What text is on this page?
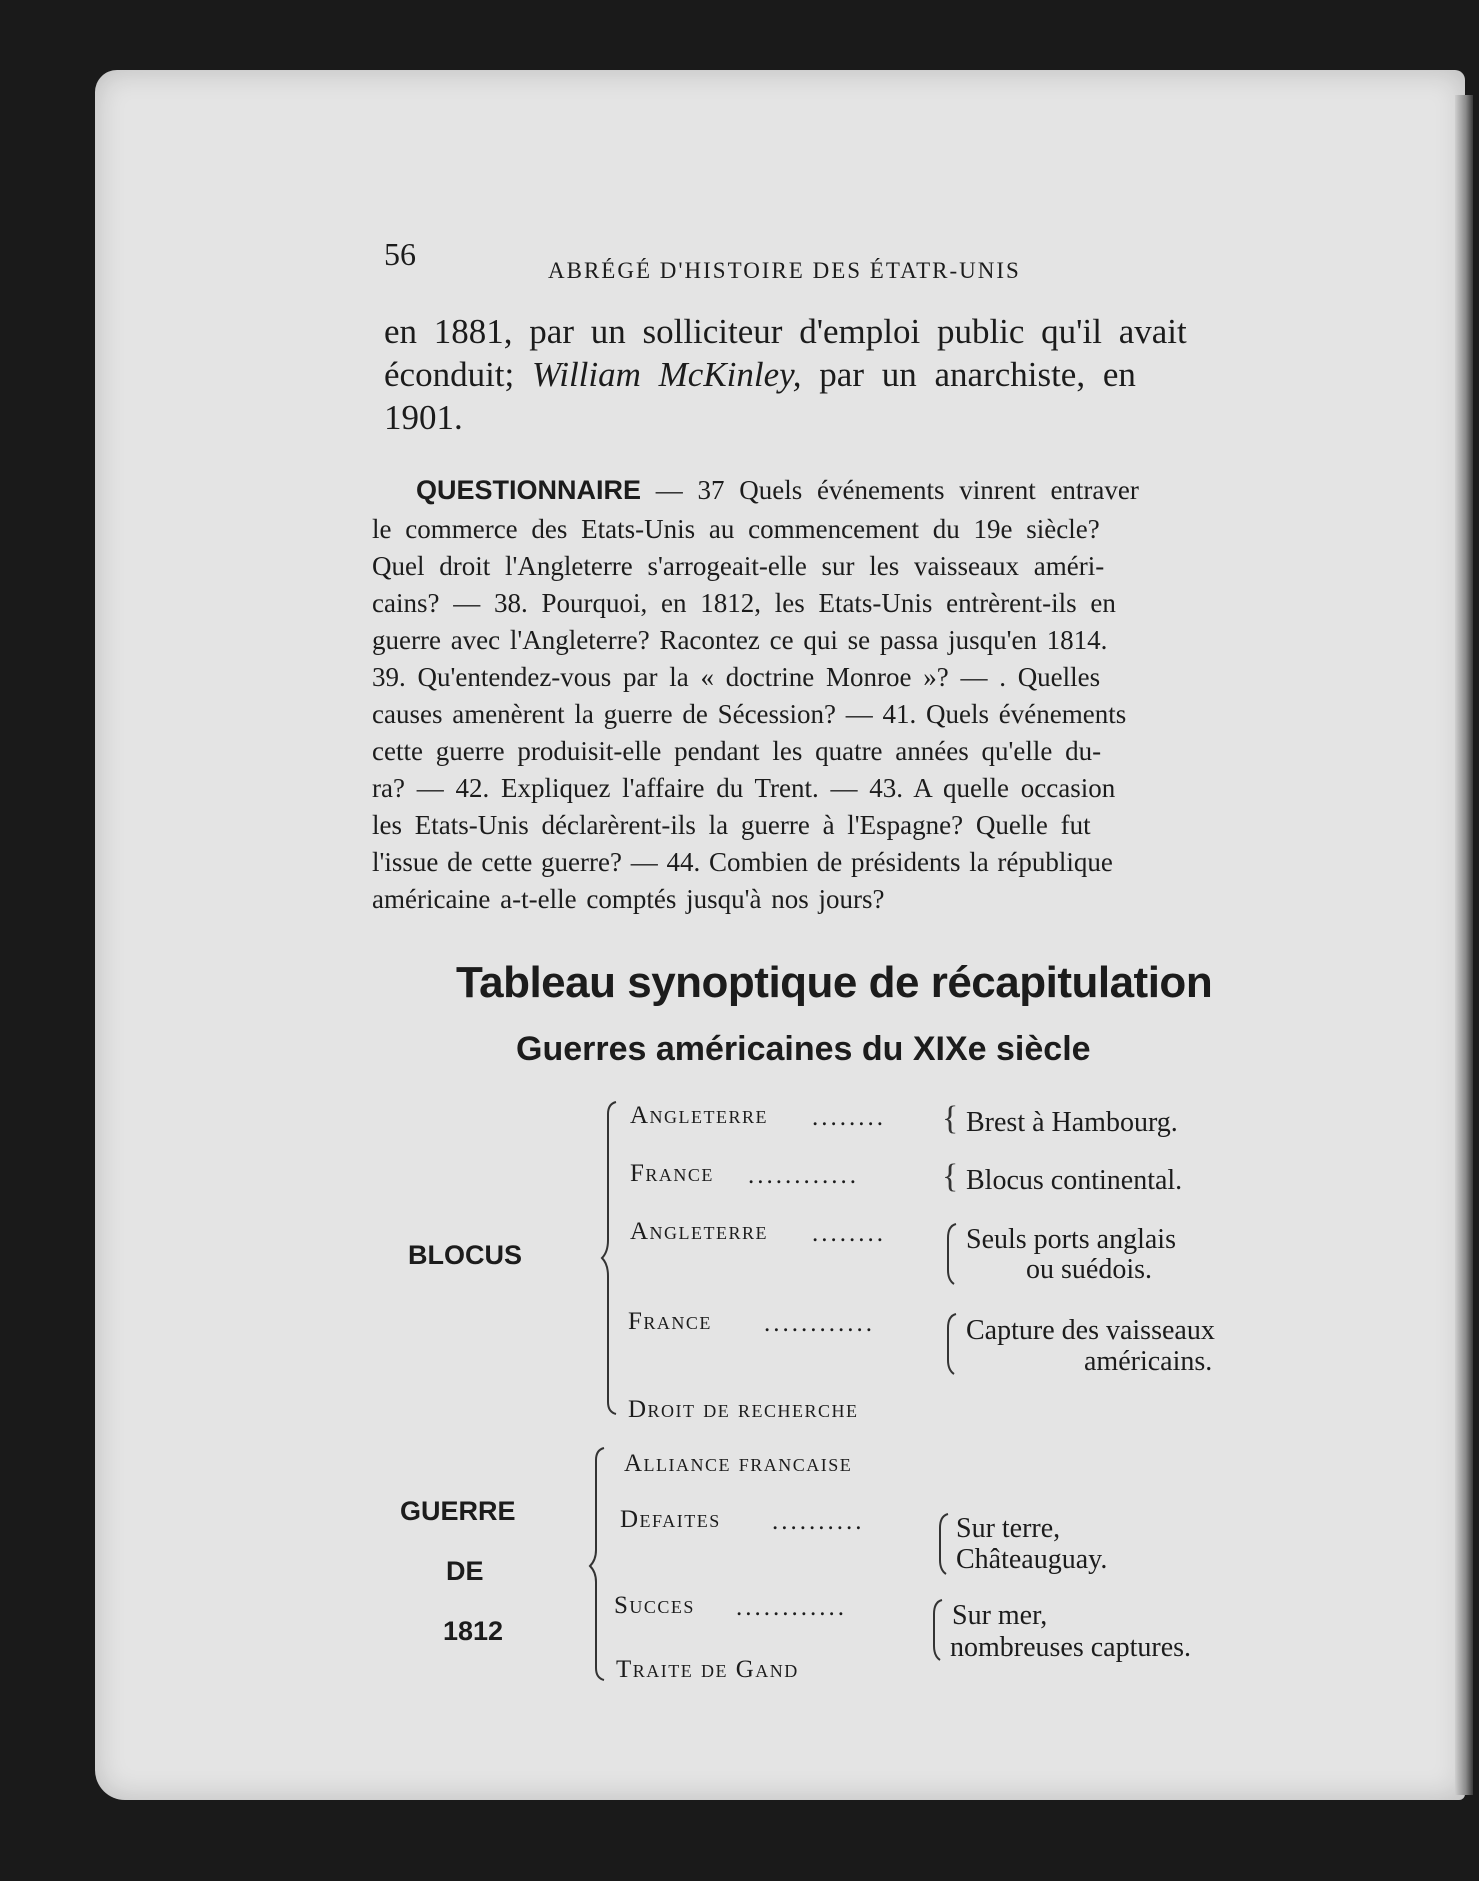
56	ABRÉGÉ D'HISTOIRE DES ÉTATR-UNIS
en 1881, par un solliciteur d'emploi public qu'il avait
éconduit; William McKinley, par un anarchiste, en
1901.
QUESTIONNAIRE — 37 Quels événements vinrent entraver
le commerce des Etats-Unis au commencement du 19e siècle?
Quel droit l'Angleterre s'arrogeait-elle sur les vaisseaux améri-
cains? — 38. Pourquoi, en 1812, les Etats-Unis entrèrent-ils en
guerre avec l'Angleterre? Racontez ce qui se passa jusqu'en 1814.
39. Qu'entendez-vous par la « doctrine Monroe »? — . Quelles
causes amenèrent la guerre de Sécession? — 41. Quels événements
cette guerre produisit-elle pendant les quatre années qu'elle du-
ra? — 42. Expliquez l'affaire du Trent. — 43. A quelle occasion
les Etats-Unis déclarèrent-ils la guerre à l'Espagne? Quelle fut
l'issue de cette guerre? — 44. Combien de présidents la république
américaine a-t-elle comptés jusqu'à nos jours?
Tableau synoptique de récapitulation
Guerres américaines du XIXe siècle
BLOCUS
Angleterre ........ { Brest à Hambourg.
France ............ { Blocus continental.
Angleterre ........	Seuls ports anglais
ou suédois.
France ............	Capture des vaisseaux
américains.
Droit de recherche
GUERRE
DE
1812
Alliance francaise
Defaites ..........	Sur terre,
Châteauguay.
Succes ............	Sur mer,
nombreuses captures.
Traite de Gand
